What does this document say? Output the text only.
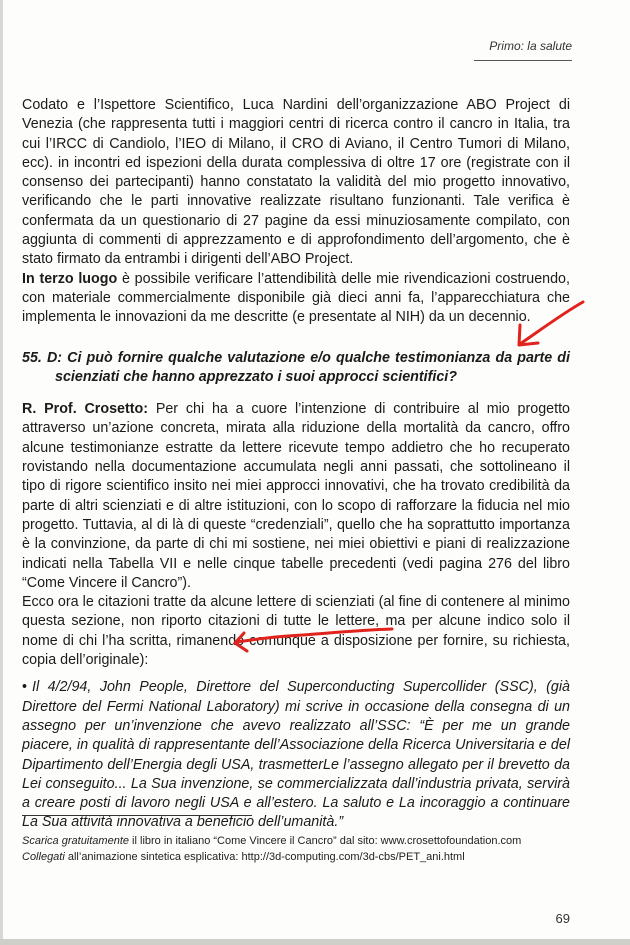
Primo: la salute

Codato e l’Ispettore Scientifico, Luca Nardini dell’organizzazione ABO Project di Venezia (che rappresenta tutti i maggiori centri di ricerca contro il cancro in Italia, tra cui l’IRCC di Candiolo, l’IEO di Milano, il CRO di Aviano, il Centro Tumori di Milano, ecc). in incontri ed ispezioni della durata complessiva di oltre 17 ore (registrate con il consenso dei partecipanti) hanno constatato la validità del mio progetto innovativo, verificando che le parti innovative realizzate risultano funzionanti. Tale verifica è confermata da un questionario di 27 pagine da essi minuziosamente compilato, con aggiunta di commenti di apprezzamento e di approfondimento dell’argomento, che è stato firmato da entrambi i dirigenti dell’ABO Project.

In terzo luogo è possibile verificare l’attendibilità delle mie rivendicazioni costruendo, con materiale commercialmente disponibile già dieci anni fa, l’apparecchiatura che implementa le innovazioni da me descritte (e presentate al NIH) da un decennio.

55. D: Ci può fornire qualche valutazione e/o qualche testimonianza da parte di scienziati che hanno apprezzato i suoi approcci scientifici?

R. Prof. Crosetto: Per chi ha a cuore l’intenzione di contribuire al mio progetto attraverso un’azione concreta, mirata alla riduzione della mortalità da cancro, offro alcune testimonianze estratte da lettere ricevute tempo addietro che ho recuperato rovistando nella documentazione accumulata negli anni passati, che sottolineano il tipo di rigore scientifico insito nei miei approcci innovativi, che ha trovato credibilità da parte di altri scienziati e di altre istituzioni, con lo scopo di rafforzare la fiducia nel mio progetto. Tuttavia, al di là di queste “credenziali”, quello che ha soprattutto importanza è la convinzione, da parte di chi mi sostiene, nei miei obiettivi e piani di realizzazione indicati nella Tabella VII e nelle cinque tabelle precedenti (vedi pagina 276 del libro “Come Vincere il Cancro”).

Ecco ora le citazioni tratte da alcune lettere di scienziati (al fine di contenere al minimo questa sezione, non riporto citazioni di tutte le lettere, ma per alcune indico solo il nome di chi l’ha scritta, rimanendo comunque a disposizione per fornire, su richiesta, copia dell’originale):

• Il 4/2/94, John People, Direttore del Superconducting Supercollider (SSC), (già Direttore del Fermi National Laboratory) mi scrive in occasione della consegna di un assegno per un’invenzione che avevo realizzato all’SSC: “È per me un grande piacere, in qualità di rappresentante dell’Associazione della Ricerca Universitaria e del Dipartimento dell’Energia degli USA, trasmetterLe l’assegno allegato per il brevetto da Lei conseguito... La Sua invenzione, se commercializzata dall’industria privata, servirà a creare posti di lavoro negli USA e all’estero. La saluto e La incoraggio a continuare La Sua attività innovativa a beneficio dell’umanità.”

Scarica gratuitamente il libro in italiano “Come Vincere il Cancro” dal sito: www.crosettofoundation.com

Collegati all’animazione sintetica esplicativa: http://3d-computing.com/3d-cbs/PET_ani.html

69
